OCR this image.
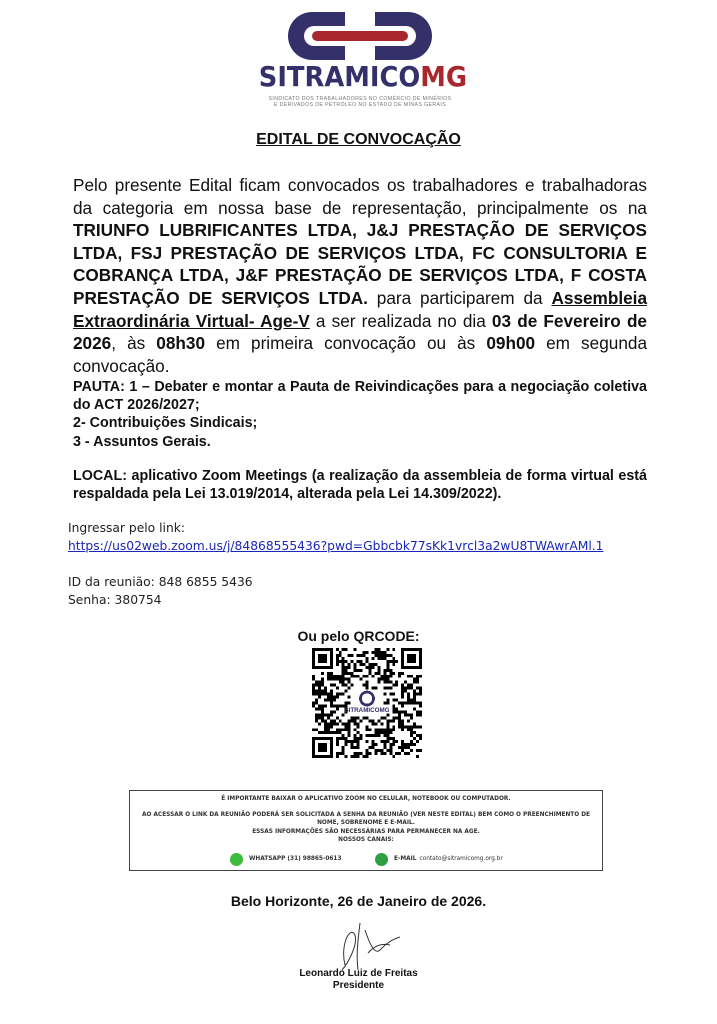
SITRAMICOMG
SINDICATO DOS TRABALHADORES NO COMÉRCIO DE MINÉRIOS
E DERIVADOS DE PETRÓLEO NO ESTADO DE MINAS GERAIS
EDITAL DE CONVOCAÇÃO
Pelo presente Edital ficam convocados os trabalhadores e trabalhadoras da categoria em nossa base de representação, principalmente os na TRIUNFO LUBRIFICANTES LTDA, J&J PRESTAÇÃO DE SERVIÇOS LTDA, FSJ PRESTAÇÃO DE SERVIÇOS LTDA, FC CONSULTORIA E COBRANÇA LTDA, J&F PRESTAÇÃO DE SERVIÇOS LTDA, F COSTA PRESTAÇÃO DE SERVIÇOS LTDA. para participarem da Assembleia Extraordinária Virtual- Age-V a ser realizada no dia 03 de Fevereiro de 2026, às 08h30 em primeira convocação ou às 09h00 em segunda convocação.
PAUTA: 1 – Debater e montar a Pauta de Reivindicações para a negociação coletiva do ACT 2026/2027;
2- Contribuições Sindicais;
3 - Assuntos Gerais.
LOCAL: aplicativo Zoom Meetings (a realização da assembleia de forma virtual está respaldada pela Lei 13.019/2014, alterada pela Lei 14.309/2022).
Ingressar pelo link:
https://us02web.zoom.us/j/84868555436?pwd=Gbbcbk77sKk1vrcl3a2wU8TWAwrAMl.1
ID da reunião: 848 6855 5436
Senha: 380754
Ou pelo QRCODE:
SITRAMICOMG
É IMPORTANTE BAIXAR O APLICATIVO ZOOM NO CELULAR, NOTEBOOK OU COMPUTADOR.
AO ACESSAR O LINK DA REUNIÃO PODERÁ SER SOLICITADA A SENHA DA REUNIÃO (VER NESTE EDITAL) BEM COMO O PREENCHIMENTO DE NOME, SOBRENOME E E-MAIL.
ESSAS INFORMAÇÕES SÃO NECESSÁRIAS PARA PERMANECER NA AGE.
NOSSOS CANAIS:
WHATSAPP (31) 98865-0613	E-MAIL contato@sitramicomg.org.br
Belo Horizonte, 26 de Janeiro de 2026.
Leonardo Luiz de Freitas
Presidente
